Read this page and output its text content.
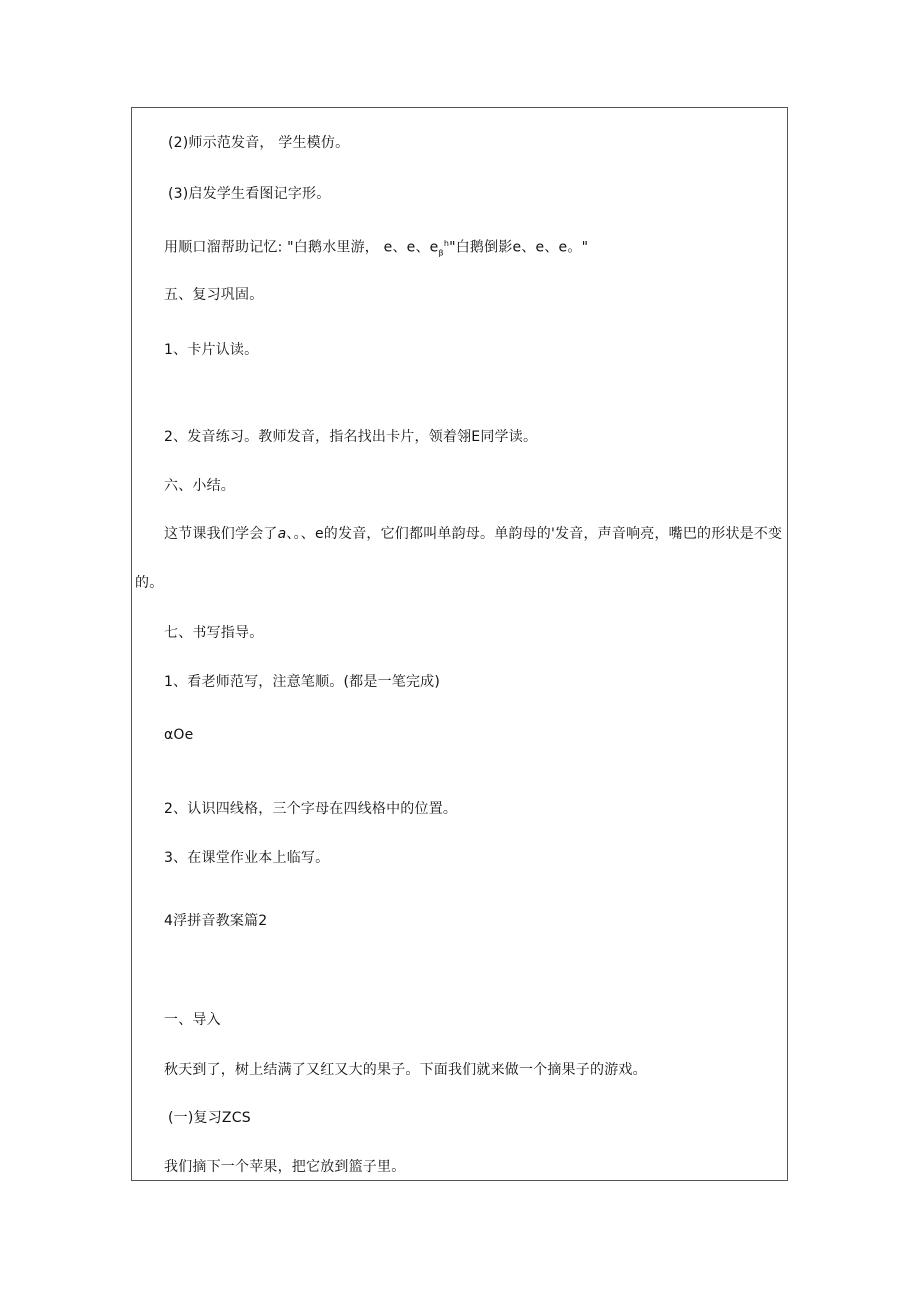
(2)师示范发音， 学生模仿。
(3)启发学生看图记字形。
用顺口溜帮助记忆: "白鹅水里游， e、e、$e_\beta^h$"白鹅倒影e、e、e。"
五、复习巩固。
1、卡片认读。
2、发音练习。教师发音，指名找出卡片，领着翎E同学读。
六、小结。
这节课我们学会了a、。、e的发音，它们都叫单韵母。单韵母的'发音，声音响亮，嘴巴的形状是不变
的。
七、书写指导。
1、看老师范写，注意笔顺。(都是一笔完成)
αOe
2、认识四线格，三个字母在四线格中的位置。
3、在课堂作业本上临写。
4浮拼音教案篇2
一、导入
秋天到了，树上结满了又红又大的果子。下面我们就来做一个摘果子的游戏。
(一)复习ZCS
我们摘下一个苹果，把它放到篮子里。
